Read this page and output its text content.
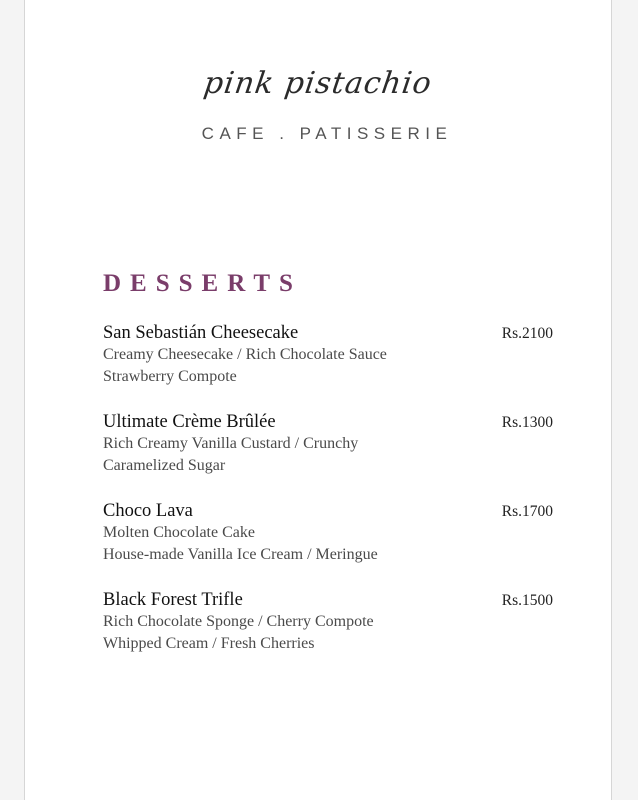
pink pistachio
CAFE . PATISSERIE
DESSERTS
San Sebastián Cheesecake	Rs.2100
Creamy Cheesecake / Rich Chocolate Sauce
Strawberry Compote
Ultimate Crème Brûlée	Rs.1300
Rich Creamy Vanilla Custard / Crunchy
Caramelized Sugar
Choco Lava	Rs.1700
Molten Chocolate Cake
House-made Vanilla Ice Cream / Meringue
Black Forest Trifle	Rs.1500
Rich Chocolate Sponge / Cherry Compote
Whipped Cream / Fresh Cherries
